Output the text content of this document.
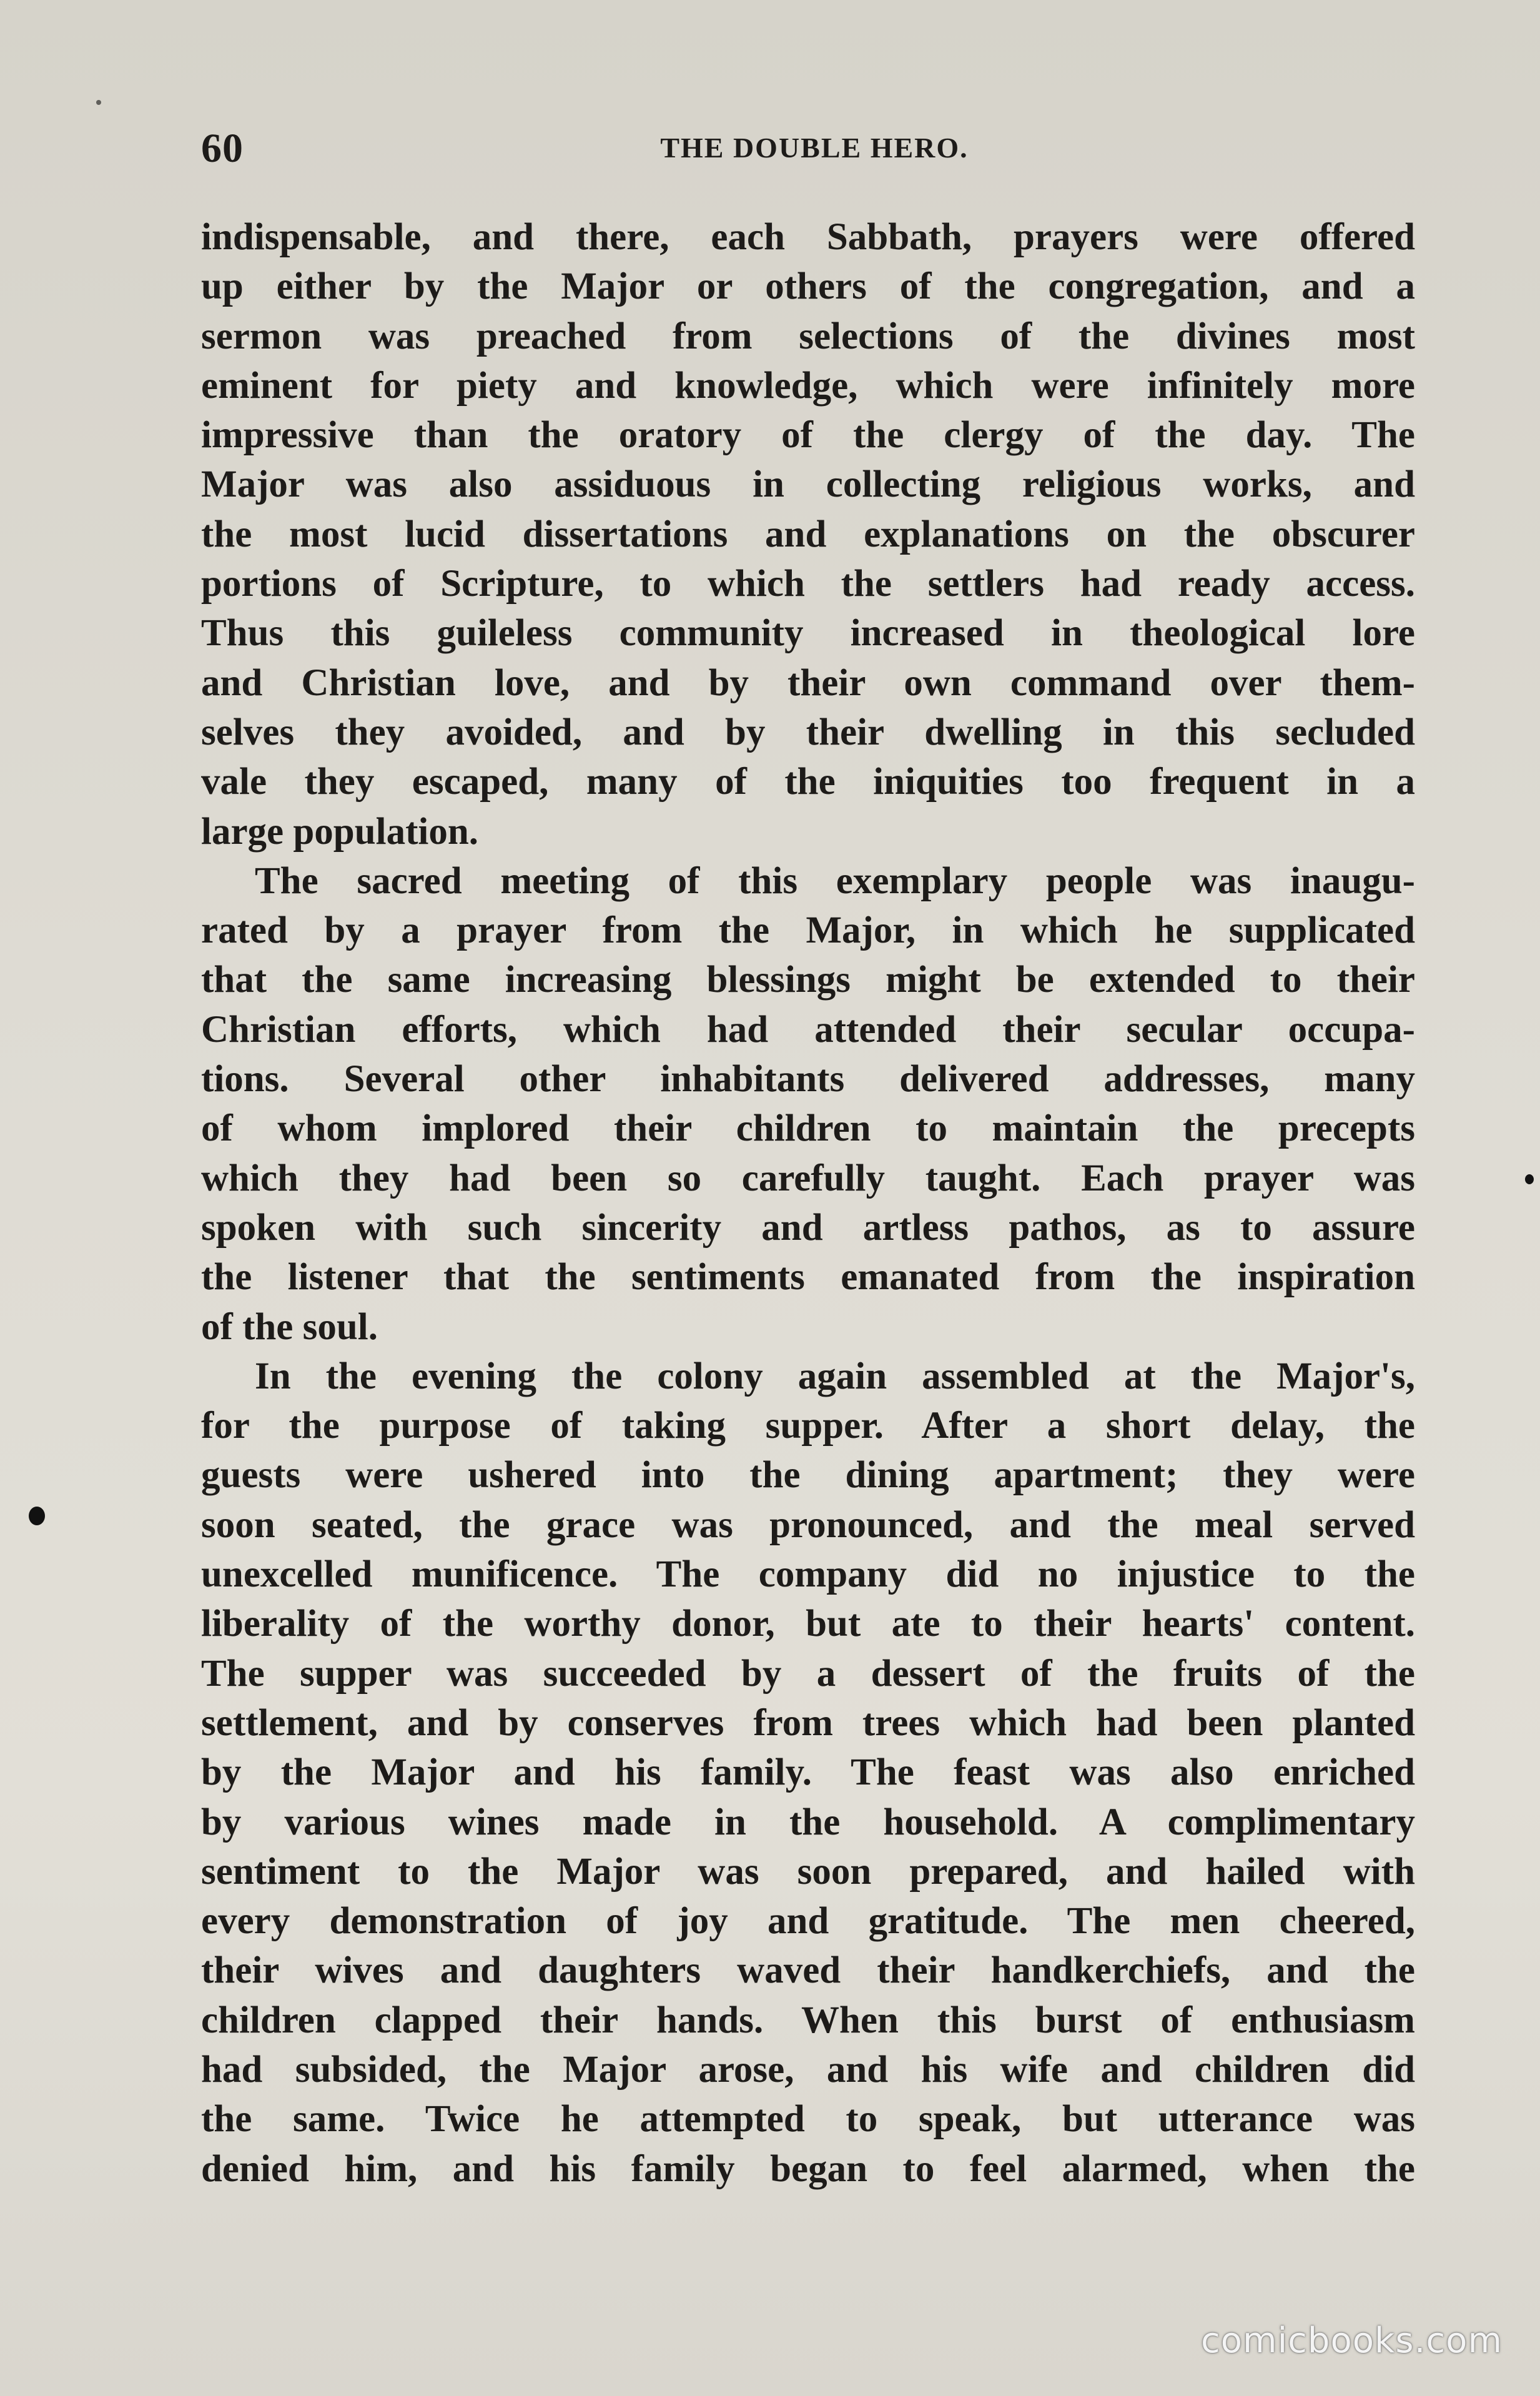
60	THE DOUBLE HERO.
indispensable, and there, each Sabbath, prayers were offered
up either by the Major or others of the congregation, and a
sermon was preached from selections of the divines most
eminent for piety and knowledge, which were infinitely more
impressive than the oratory of the clergy of the day. The
Major was also assiduous in collecting religious works, and
the most lucid dissertations and explanations on the obscurer
portions of Scripture, to which the settlers had ready access.
Thus this guileless community increased in theological lore
and Christian love, and by their own command over them-
selves they avoided, and by their dwelling in this secluded
vale they escaped, many of the iniquities too frequent in a
large population.
The sacred meeting of this exemplary people was inaugu-
rated by a prayer from the Major, in which he supplicated
that the same increasing blessings might be extended to their
Christian efforts, which had attended their secular occupa-
tions. Several other inhabitants delivered addresses, many
of whom implored their children to maintain the precepts
which they had been so carefully taught. Each prayer was
spoken with such sincerity and artless pathos, as to assure
the listener that the sentiments emanated from the inspiration
of the soul.
In the evening the colony again assembled at the Major's,
for the purpose of taking supper. After a short delay, the
guests were ushered into the dining apartment; they were
soon seated, the grace was pronounced, and the meal served
unexcelled munificence. The company did no injustice to the
liberality of the worthy donor, but ate to their hearts' content.
The supper was succeeded by a dessert of the fruits of the
settlement, and by conserves from trees which had been planted
by the Major and his family. The feast was also enriched
by various wines made in the household. A complimentary
sentiment to the Major was soon prepared, and hailed with
every demonstration of joy and gratitude. The men cheered,
their wives and daughters waved their handkerchiefs, and the
children clapped their hands. When this burst of enthusiasm
had subsided, the Major arose, and his wife and children did
the same. Twice he attempted to speak, but utterance was
denied him, and his family began to feel alarmed, when the
comicbooks.com
